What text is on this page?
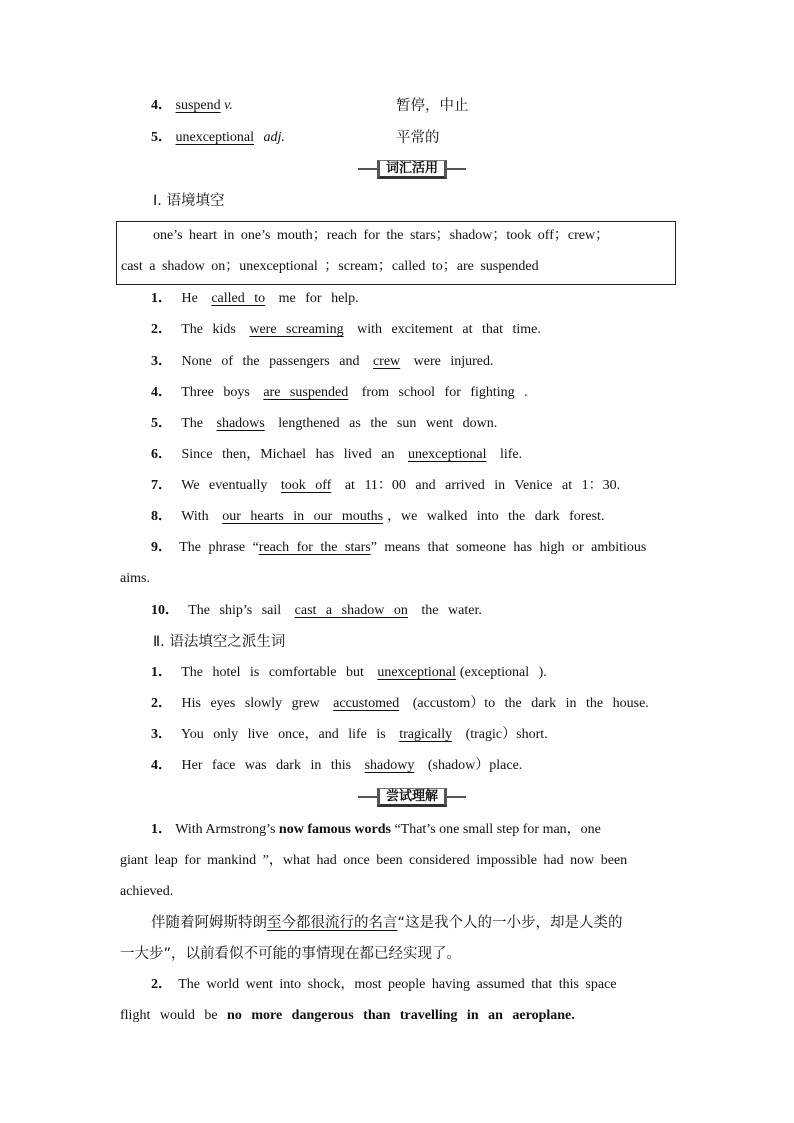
4． suspend v.	暂停，中止
5． unexceptional adj.	平常的
词汇活用
Ⅰ. 语境填空
one’s heart in one’s mouth；reach for the stars；shadow；took off；crew；
cast a shadow on；unexceptional ；scream；called to；are suspended
1． He called to me for help.
2． The kids were screaming with excitement at that time.
3． None of the passengers and crew were injured.
4． Three boys are suspended from school for fighting .
5． The shadows lengthened as the sun went down.
6． Since then，Michael has lived an unexceptional life.
7． We eventually took off at 11：00 and arrived in Venice at 1：30.
8． With our hearts in our mouths ，we walked into the dark forest.
9． The phrase “reach for the stars” means that someone has high or ambitious
aims.
10． The ship’s sail cast a shadow on the water.
Ⅱ. 语法填空之派生词
1． The hotel is comfortable but unexceptional (exceptional ).
2． His eyes slowly grew accustomed (accustom）to the dark in the house.
3． You only live once，and life is tragically (tragic）short.
4． Her face was dark in this shadowy (shadow）place.
尝试理解
1． With Armstrong’s now famous words “That’s one small step for man，one
giant leap for mankind ”，what had once been considered impossible had now been
achieved.
伴随着阿姆斯特朗至今都很流行的名言“这是我个人的一小步，却是人类的
一大步”，以前看似不可能的事情现在都已经实现了。
2． The world went into shock，most people having assumed that this space
flight would be no more dangerous than travelling in an aeroplane.
